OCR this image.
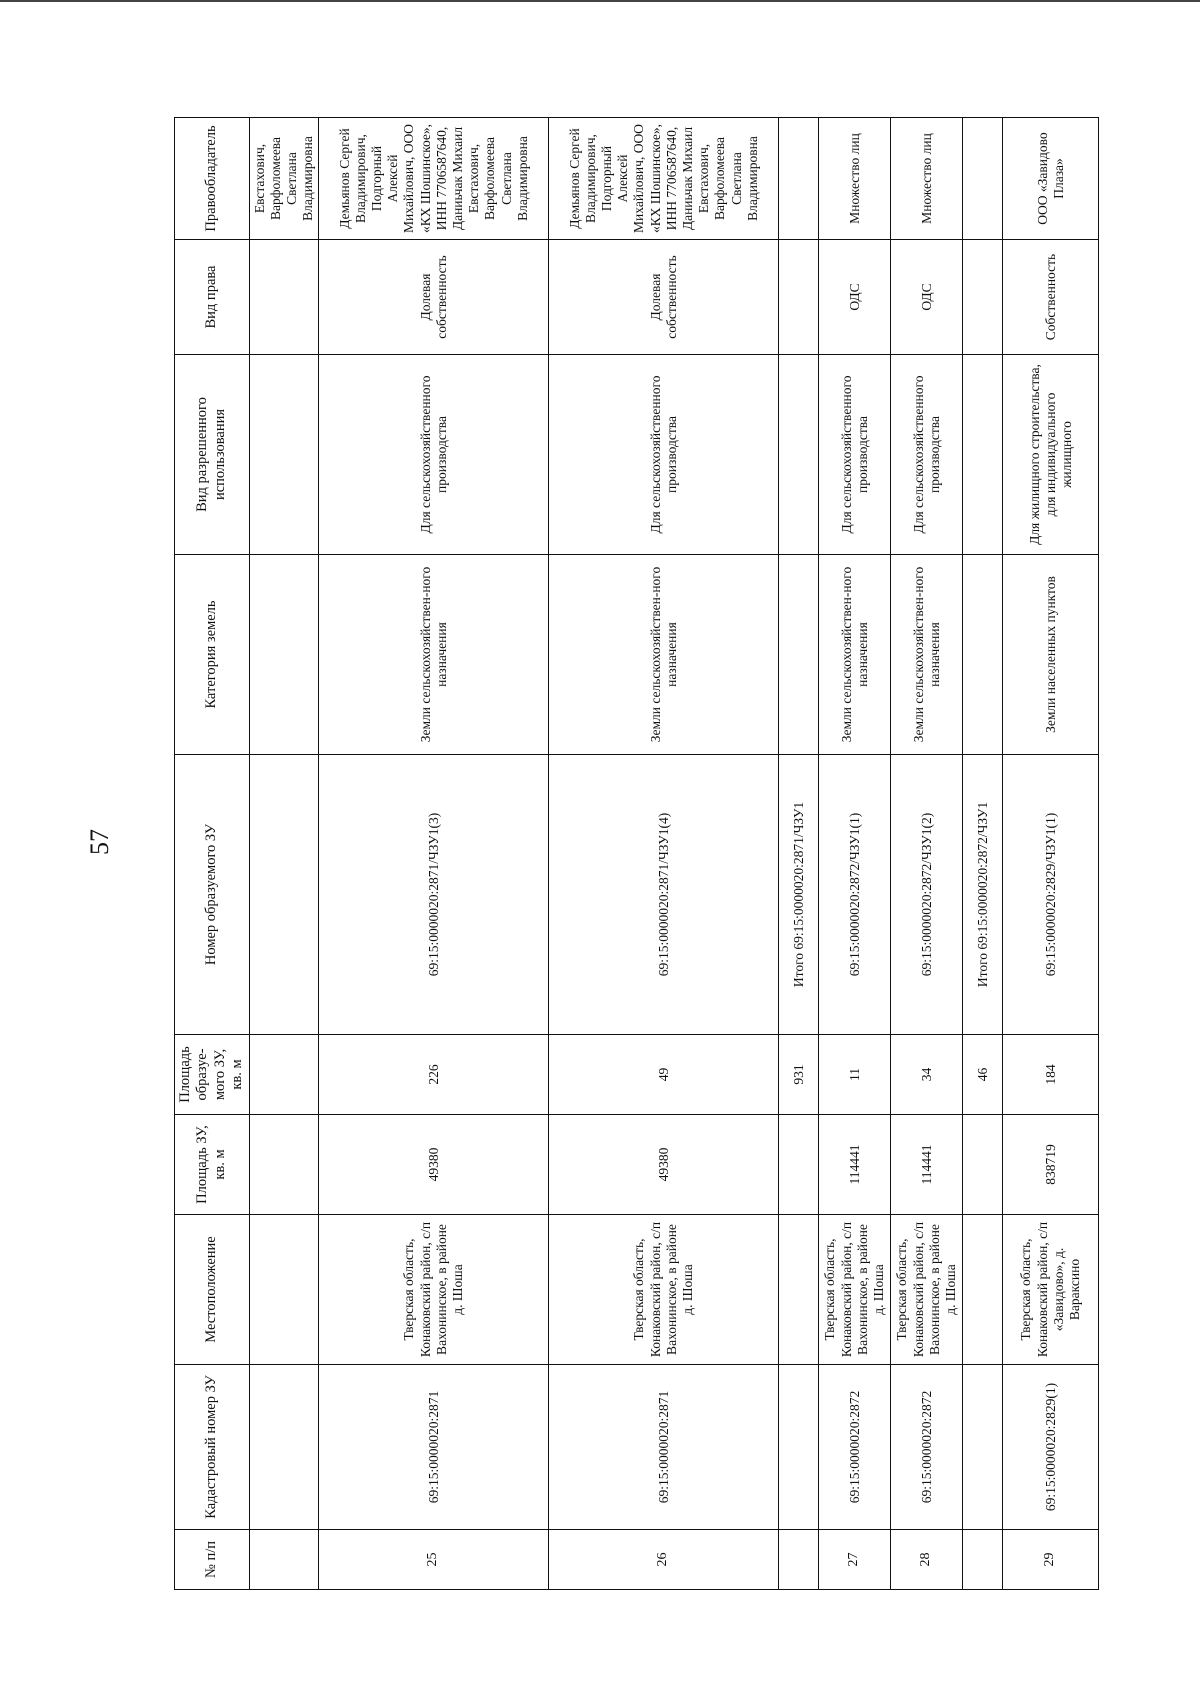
57
№ п/п	Кадастровый номер ЗУ	Местоположение	Площадь ЗУ, кв. м	Площадь образуе-мого ЗУ, кв. м	Номер образуемого ЗУ	Категория земель	Вид разрешенного использования	Вид права	Правообладатель
									Евстахович, Варфоломеева Светлана Владимировна
25	69:15:0000020:2871	Тверская область, Конаковский район, с/п Вахонинское, в районе д. Шоша	49380	226	69:15:0000020:2871/ЧЗУ1(3)	Земли сельскохозяйствен-ного назначения	Для сельскохозяйственного производства	Долевая собственность	Демьянов Сергей Владимирович, Подгорный Алексей Михайлович, ООО «КХ Шошинское», ИНН 7706587640, Даниьчак Михаил Евстахович, Варфоломеева Светлана Владимировна
26	69:15:0000020:2871	Тверская область, Конаковский район, с/п Вахонинское, в районе д. Шоша	49380	49	69:15:0000020:2871/ЧЗУ1(4)	Земли сельскохозяйствен-ного назначения	Для сельскохозяйственного производства	Долевая собственность	Демьянов Сергей Владимирович, Подгорный Алексей Михайлович, ООО «КХ Шошинское», ИНН 7706587640, Даниьчак Михаил Евстахович, Варфоломеева Светлана Владимировна
				931	Итого 69:15:0000020:2871/ЧЗУ1				
27	69:15:0000020:2872	Тверская область, Конаковский район, с/п Вахонинское, в районе д. Шоша	114441	11	69:15:0000020:2872/ЧЗУ1(1)	Земли сельскохозяйствен-ного назначения	Для сельскохозяйственного производства	ОДС	Множество лиц
28	69:15:0000020:2872	Тверская область, Конаковский район, с/п Вахонинское, в районе д. Шоша	114441	34	69:15:0000020:2872/ЧЗУ1(2)	Земли сельскохозяйствен-ного назначения	Для сельскохозяйственного производства	ОДС	Множество лиц
				46	Итого 69:15:0000020:2872/ЧЗУ1				
29	69:15:0000020:2829(1)	Тверская область, Конаковский район, с/п «Завидово», д. Вараксино	838719	184	69:15:0000020:2829/ЧЗУ1(1)	Земли населенных пунктов	Для жилищного строительства, для индивидуального жилищного	Собственность	ООО «Завидово Плаза»
